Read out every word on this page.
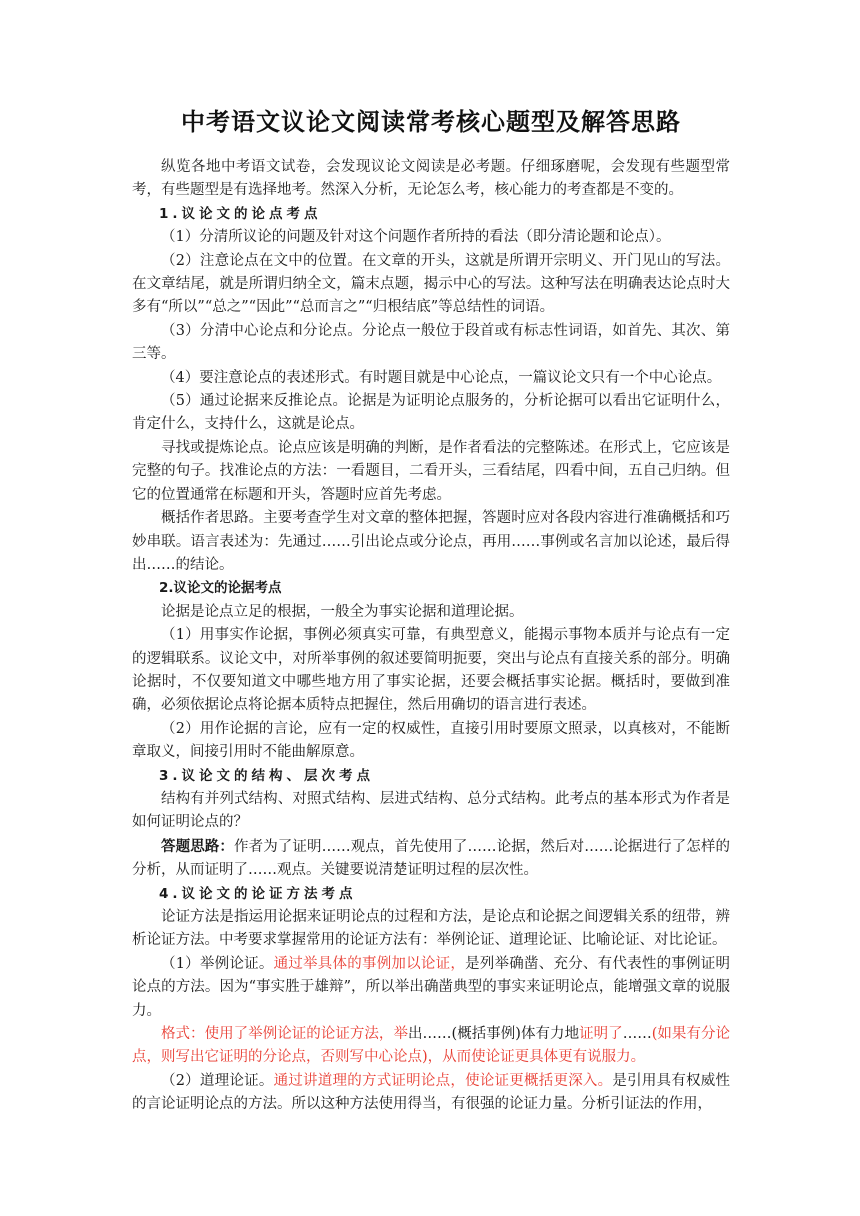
中考语文议论文阅读常考核心题型及解答思路

纵览各地中考语文试卷，会发现议论文阅读是必考题。仔细琢磨呢，会发现有些题型常考，有些题型是有选择地考。然深入分析，无论怎么考，核心能力的考查都是不变的。

1.议论文的论点考点

（1）分清所议论的问题及针对这个问题作者所持的看法（即分清论题和论点）。

（2）注意论点在文中的位置。在文章的开头，这就是所谓开宗明义、开门见山的写法。在文章结尾，就是所谓归纳全文，篇末点题，揭示中心的写法。这种写法在明确表达论点时大多有“所以”“总之”“因此”“总而言之”“归根结底”等总结性的词语。

（3）分清中心论点和分论点。分论点一般位于段首或有标志性词语，如首先、其次、第三等。

（4）要注意论点的表述形式。有时题目就是中心论点，一篇议论文只有一个中心论点。

（5）通过论据来反推论点。论据是为证明论点服务的，分析论据可以看出它证明什么，肯定什么，支持什么，这就是论点。

寻找或提炼论点。论点应该是明确的判断，是作者看法的完整陈述。在形式上，它应该是完整的句子。找准论点的方法：一看题目，二看开头，三看结尾，四看中间，五自己归纳。但它的位置通常在标题和开头，答题时应首先考虑。

概括作者思路。主要考查学生对文章的整体把握，答题时应对各段内容进行准确概括和巧妙串联。语言表述为：先通过……引出论点或分论点，再用……事例或名言加以论述，最后得出……的结论。

2.议论文的论据考点

论据是论点立足的根据，一般全为事实论据和道理论据。

（1）用事实作论据，事例必须真实可靠，有典型意义，能揭示事物本质并与论点有一定的逻辑联系。议论文中，对所举事例的叙述要简明扼要，突出与论点有直接关系的部分。明确论据时，不仅要知道文中哪些地方用了事实论据，还要会概括事实论据。概括时，要做到准确，必须依据论点将论据本质特点把握住，然后用确切的语言进行表述。

（2）用作论据的言论，应有一定的权威性，直接引用时要原文照录，以真核对，不能断章取义，间接引用时不能曲解原意。

3.议论文的结构、层次考点

结构有并列式结构、对照式结构、层进式结构、总分式结构。此考点的基本形式为作者是如何证明论点的？

答题思路：作者为了证明……观点，首先使用了……论据，然后对……论据进行了怎样的分析，从而证明了……观点。关键要说清楚证明过程的层次性。

4.议论文的论证方法考点

论证方法是指运用论据来证明论点的过程和方法，是论点和论据之间逻辑关系的纽带，辨析论证方法。中考要求掌握常用的论证方法有：举例论证、道理论证、比喻论证、对比论证。

（1）举例论证。通过举具体的事例加以论证，是列举确凿、充分、有代表性的事例证明论点的方法。因为“事实胜于雄辩”，所以举出确凿典型的事实来证明论点，能增强文章的说服力。

格式：使用了举例论证的论证方法，举出……(概括事例)体有力地证明了……(如果有分论点，则写出它证明的分论点，否则写中心论点)，从而使论证更具体更有说服力。

（2）道理论证。通过讲道理的方式证明论点，使论证更概括更深入。是引用具有权威性的言论证明论点的方法。所以这种方法使用得当，有很强的论证力量。分析引证法的作用，
